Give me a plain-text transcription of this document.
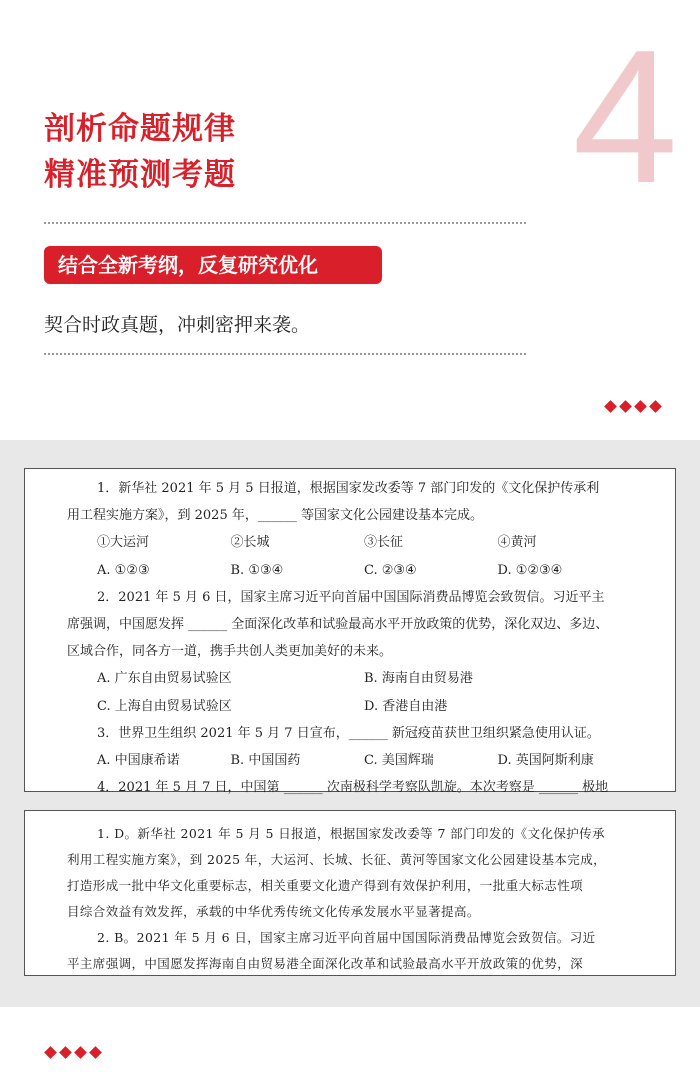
4
剖析命题规律
精准预测考题
结合全新考纲，反复研究优化
契合时政真题，冲刺密押来袭。
1．新华社 2021 年 5 月 5 日报道，根据国家发改委等 7 部门印发的《文化保护传承利
用工程实施方案》，到 2025 年，______ 等国家文化公园建设基本完成。
①大运河	②长城	③长征	④黄河
A. ①②③	B. ①③④	C. ②③④	D. ①②③④
2．2021 年 5 月 6 日，国家主席习近平向首届中国国际消费品博览会致贺信。习近平主
席强调，中国愿发挥 ______ 全面深化改革和试验最高水平开放政策的优势，深化双边、多边、
区域合作，同各方一道，携手共创人类更加美好的未来。
A. 广东自由贸易试验区	B. 海南自由贸易港
C. 上海自由贸易试验区	D. 香港自由港
3．世界卫生组织 2021 年 5 月 7 日宣布，______ 新冠疫苗获世卫组织紧急使用认证。
A. 中国康希诺	B. 中国国药	C. 美国辉瑞	D. 英国阿斯利康
4．2021 年 5 月 7 日，中国第 ______ 次南极科学考察队凯旋。本次考察是 ______ 极地
1. D。新华社 2021 年 5 月 5 日报道，根据国家发改委等 7 部门印发的《文化保护传承
利用工程实施方案》，到 2025 年，大运河、长城、长征、黄河等国家文化公园建设基本完成，
打造形成一批中华文化重要标志，相关重要文化遗产得到有效保护利用，一批重大标志性项
目综合效益有效发挥，承载的中华优秀传统文化传承发展水平显著提高。
2. B。2021 年 5 月 6 日，国家主席习近平向首届中国国际消费品博览会致贺信。习近
平主席强调，中国愿发挥海南自由贸易港全面深化改革和试验最高水平开放政策的优势，深
